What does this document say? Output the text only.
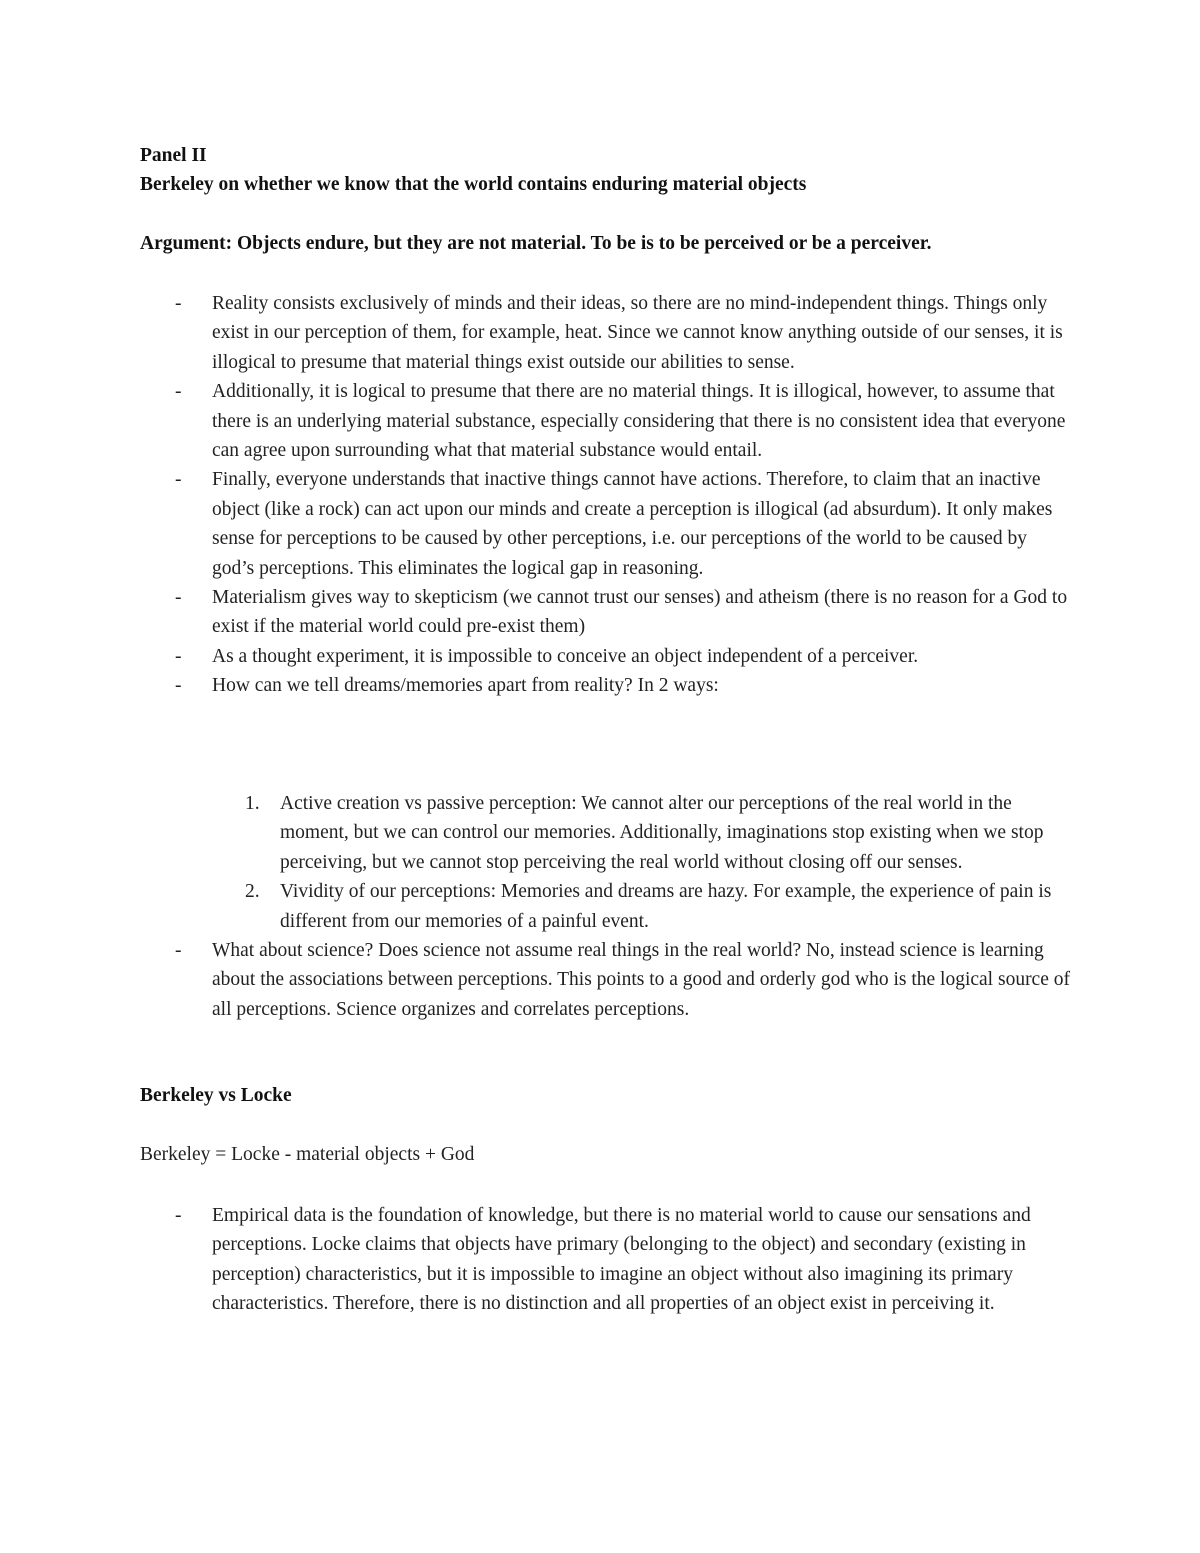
Panel II

Berkeley on whether we know that the world contains enduring material objects

Argument: Objects endure, but they are not material. To be is to be perceived or be a perceiver.

- Reality consists exclusively of minds and their ideas, so there are no mind-independent things. Things only exist in our perception of them, for example, heat. Since we cannot know anything outside of our senses, it is illogical to presume that material things exist outside our abilities to sense.
- Additionally, it is logical to presume that there are no material things. It is illogical, however, to assume that there is an underlying material substance, especially considering that there is no consistent idea that everyone can agree upon surrounding what that material substance would entail.
- Finally, everyone understands that inactive things cannot have actions. Therefore, to claim that an inactive object (like a rock) can act upon our minds and create a perception is illogical (ad absurdum). It only makes sense for perceptions to be caused by other perceptions, i.e. our perceptions of the world to be caused by god’s perceptions. This eliminates the logical gap in reasoning.
- Materialism gives way to skepticism (we cannot trust our senses) and atheism (there is no reason for a God to exist if the material world could pre-exist them)
- As a thought experiment, it is impossible to conceive an object independent of a perceiver.
- How can we tell dreams/memories apart from reality? In 2 ways:
- Empirical data is the foundation of knowledge, but there is no material world to cause our sensations and perceptions. Locke claims that objects have primary (belonging to the object) and secondary (existing in perception) characteristics, but it is impossible to imagine an object without also imagining its primary characteristics. Therefore, there is no distinction and all properties of an object exist in perceiving it.
1. Active creation vs passive perception: We cannot alter our perceptions of the real world in the moment, but we can control our memories. Additionally, imaginations stop existing when we stop perceiving, but we cannot stop perceiving the real world without closing off our senses.
2. Vividity of our perceptions: Memories and dreams are hazy. For example, the experience of pain is different from our memories of a painful event.
- What about science? Does science not assume real things in the real world? No, instead science is learning about the associations between perceptions. This points to a good and orderly god who is the logical source of all perceptions. Science organizes and correlates perceptions.

Berkeley vs Locke

Berkeley = Locke - material objects + God
